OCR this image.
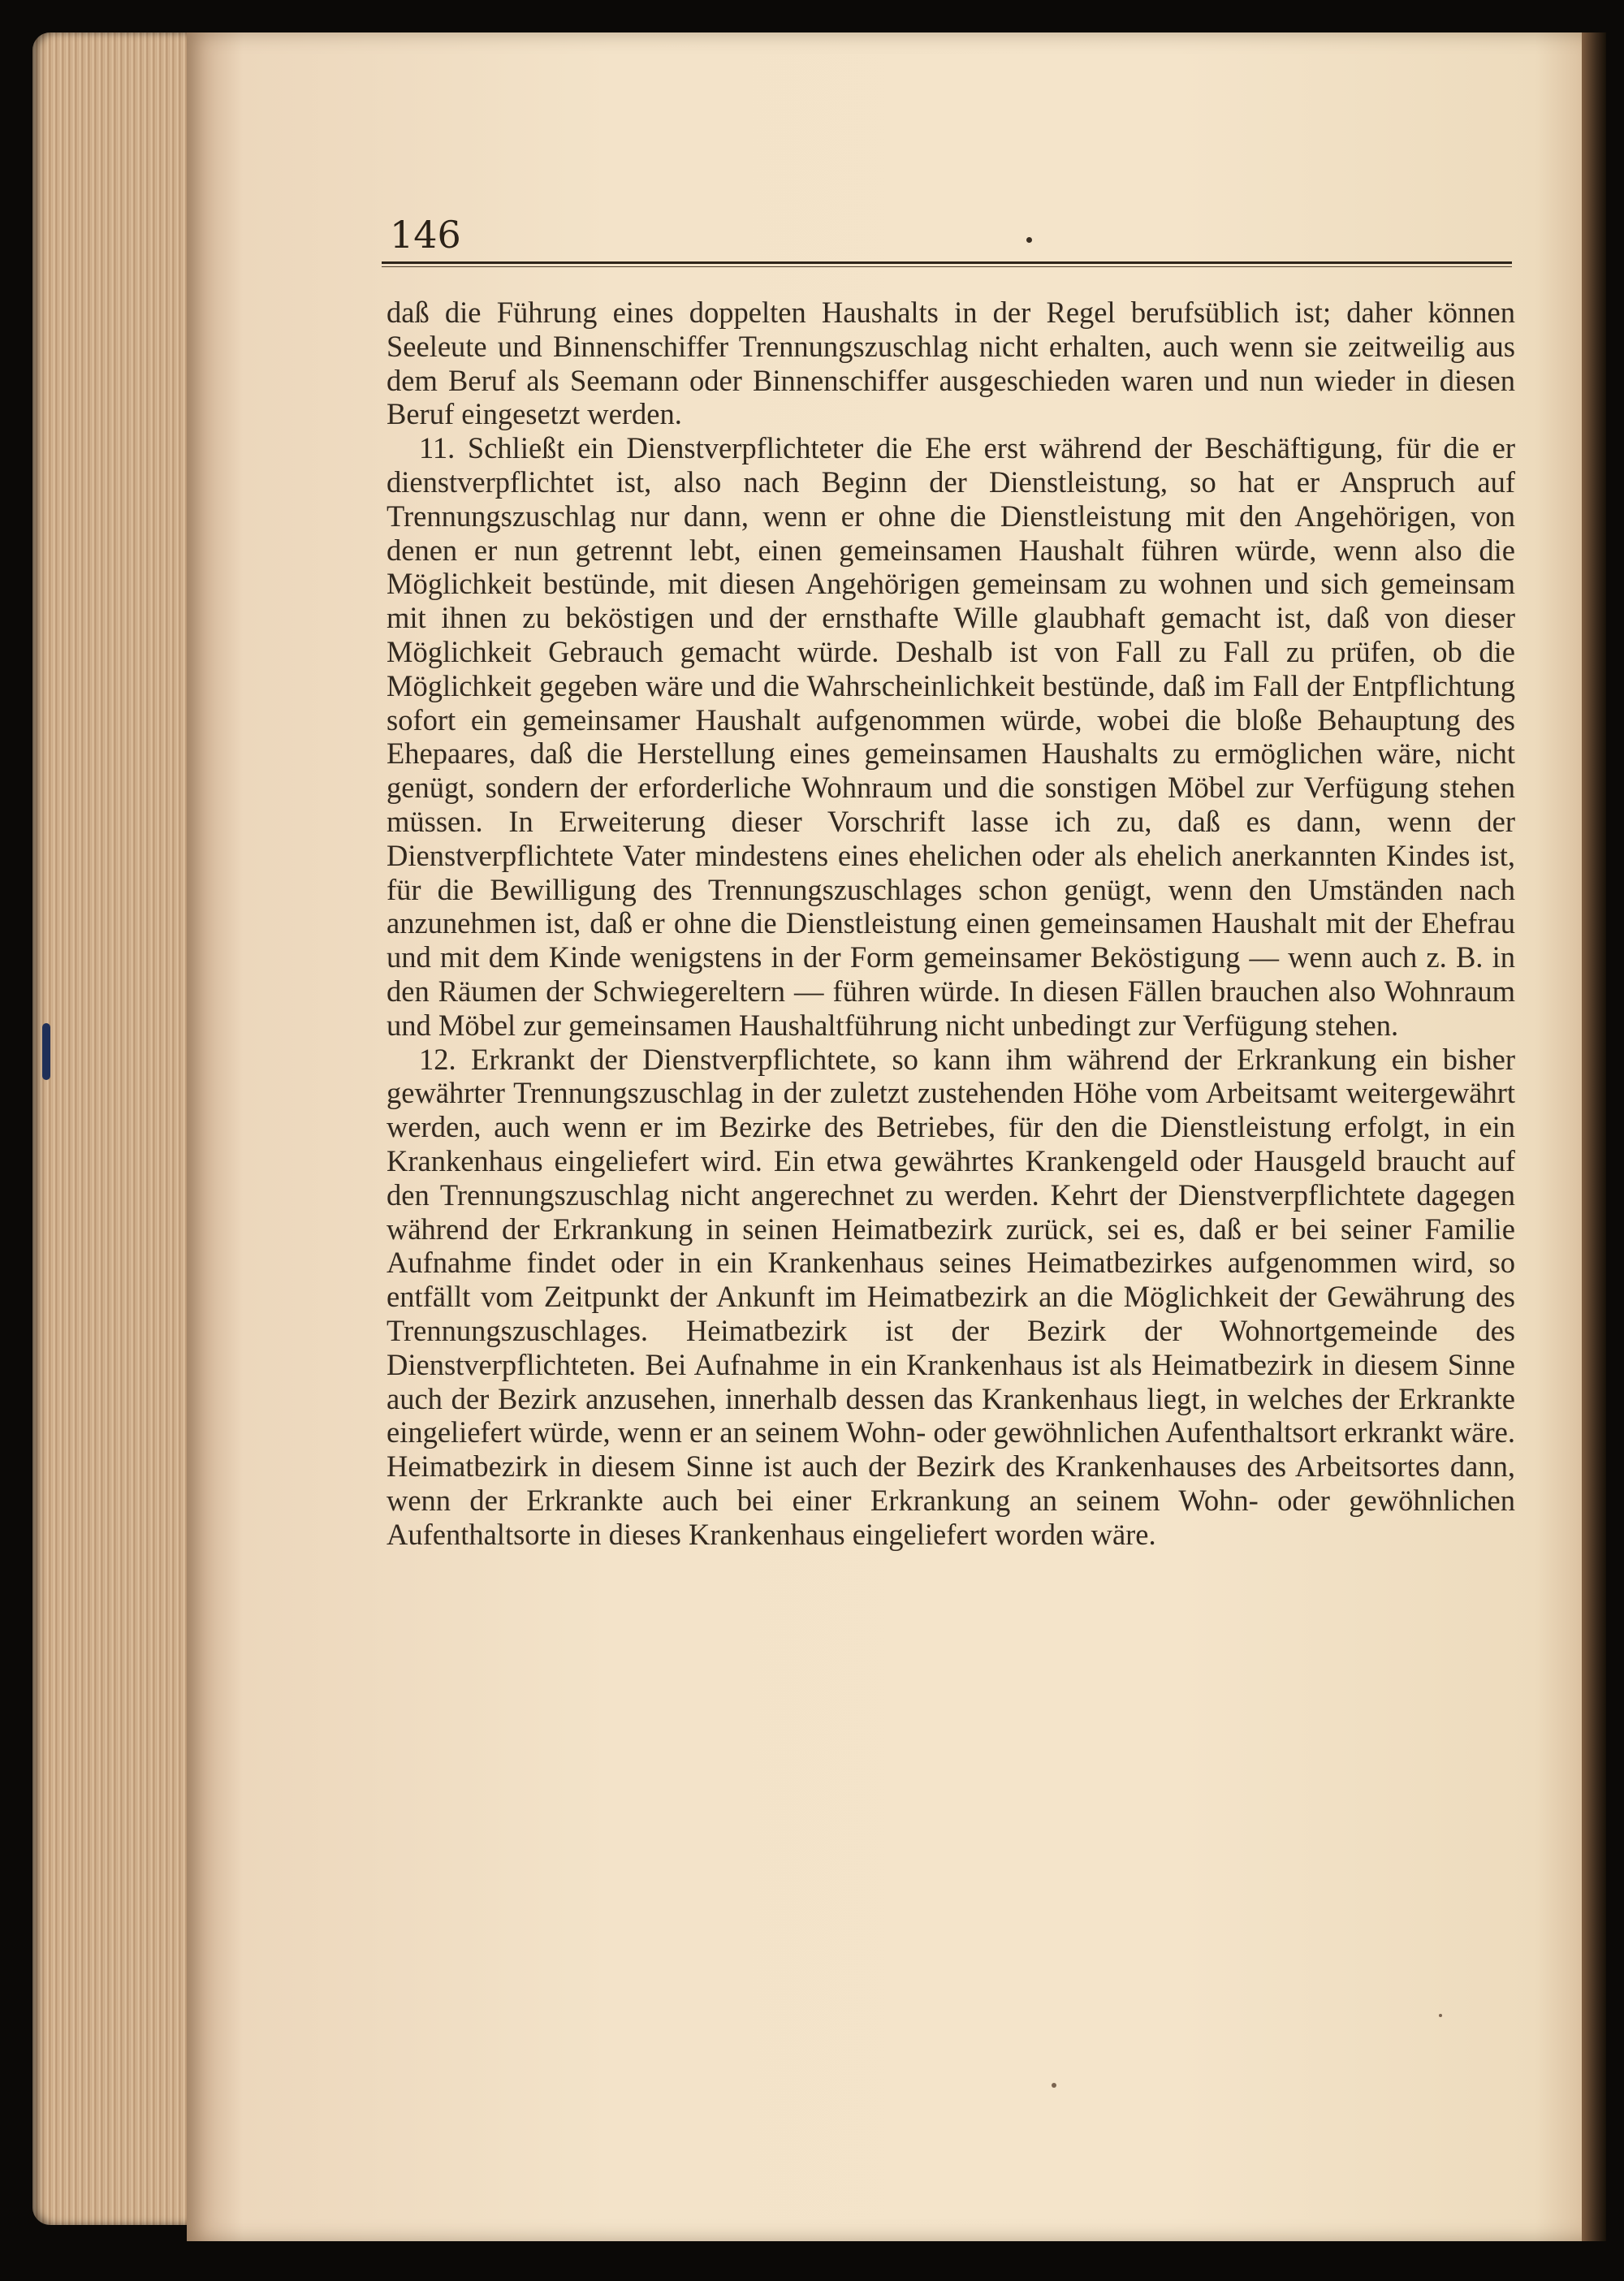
146

daß die Führung eines doppelten Haushalts in der Regel berufsüblich ist; daher können Seeleute und Binnenschiffer Trennungszuschlag nicht erhalten, auch wenn sie zeitweilig aus dem Beruf als Seemann oder Binnenschiffer ausgeschieden waren und nun wieder in diesen Beruf eingesetzt werden.

11. Schließt ein Dienstverpflichteter die Ehe erst während der Beschäftigung, für die er dienstverpflichtet ist, also nach Beginn der Dienstleistung, so hat er Anspruch auf Trennungszuschlag nur dann, wenn er ohne die Dienstleistung mit den Angehörigen, von denen er nun getrennt lebt, einen gemeinsamen Haushalt führen würde, wenn also die Möglichkeit bestünde, mit diesen Angehörigen gemeinsam zu wohnen und sich gemeinsam mit ihnen zu beköstigen und der ernsthafte Wille glaubhaft gemacht ist, daß von dieser Möglichkeit Gebrauch gemacht würde. Deshalb ist von Fall zu Fall zu prüfen, ob die Möglichkeit gegeben wäre und die Wahrscheinlichkeit bestünde, daß im Fall der Entpflichtung sofort ein gemeinsamer Haushalt aufgenommen würde, wobei die bloße Behauptung des Ehepaares, daß die Herstellung eines gemeinsamen Haushalts zu ermöglichen wäre, nicht genügt, sondern der erforderliche Wohnraum und die sonstigen Möbel zur Verfügung stehen müssen. In Erweiterung dieser Vorschrift lasse ich zu, daß es dann, wenn der Dienstverpflichtete Vater mindestens eines ehelichen oder als ehelich anerkannten Kindes ist, für die Bewilligung des Trennungszuschlages schon genügt, wenn den Umständen nach anzunehmen ist, daß er ohne die Dienstleistung einen gemeinsamen Haushalt mit der Ehefrau und mit dem Kinde wenigstens in der Form gemeinsamer Beköstigung — wenn auch z. B. in den Räumen der Schwiegereltern — führen würde. In diesen Fällen brauchen also Wohnraum und Möbel zur gemeinsamen Haushaltführung nicht unbedingt zur Verfügung stehen.

12. Erkrankt der Dienstverpflichtete, so kann ihm während der Erkrankung ein bisher gewährter Trennungszuschlag in der zuletzt zustehenden Höhe vom Arbeitsamt weitergewährt werden, auch wenn er im Bezirke des Betriebes, für den die Dienstleistung erfolgt, in ein Krankenhaus eingeliefert wird. Ein etwa gewährtes Krankengeld oder Hausgeld braucht auf den Trennungszuschlag nicht angerechnet zu werden. Kehrt der Dienstverpflichtete dagegen während der Erkrankung in seinen Heimatbezirk zurück, sei es, daß er bei seiner Familie Aufnahme findet oder in ein Krankenhaus seines Heimatbezirkes aufgenommen wird, so entfällt vom Zeitpunkt der Ankunft im Heimatbezirk an die Möglichkeit der Gewährung des Trennungszuschlages. Heimatbezirk ist der Bezirk der Wohnortgemeinde des Dienstverpflichteten. Bei Aufnahme in ein Krankenhaus ist als Heimatbezirk in diesem Sinne auch der Bezirk anzusehen, innerhalb dessen das Krankenhaus liegt, in welches der Erkrankte eingeliefert würde, wenn er an seinem Wohn- oder gewöhnlichen Aufenthaltsort erkrankt wäre. Heimatbezirk in diesem Sinne ist auch der Bezirk des Krankenhauses des Arbeitsortes dann, wenn der Erkrankte auch bei einer Erkrankung an seinem Wohn- oder gewöhnlichen Aufenthaltsorte in dieses Krankenhaus eingeliefert worden wäre.
